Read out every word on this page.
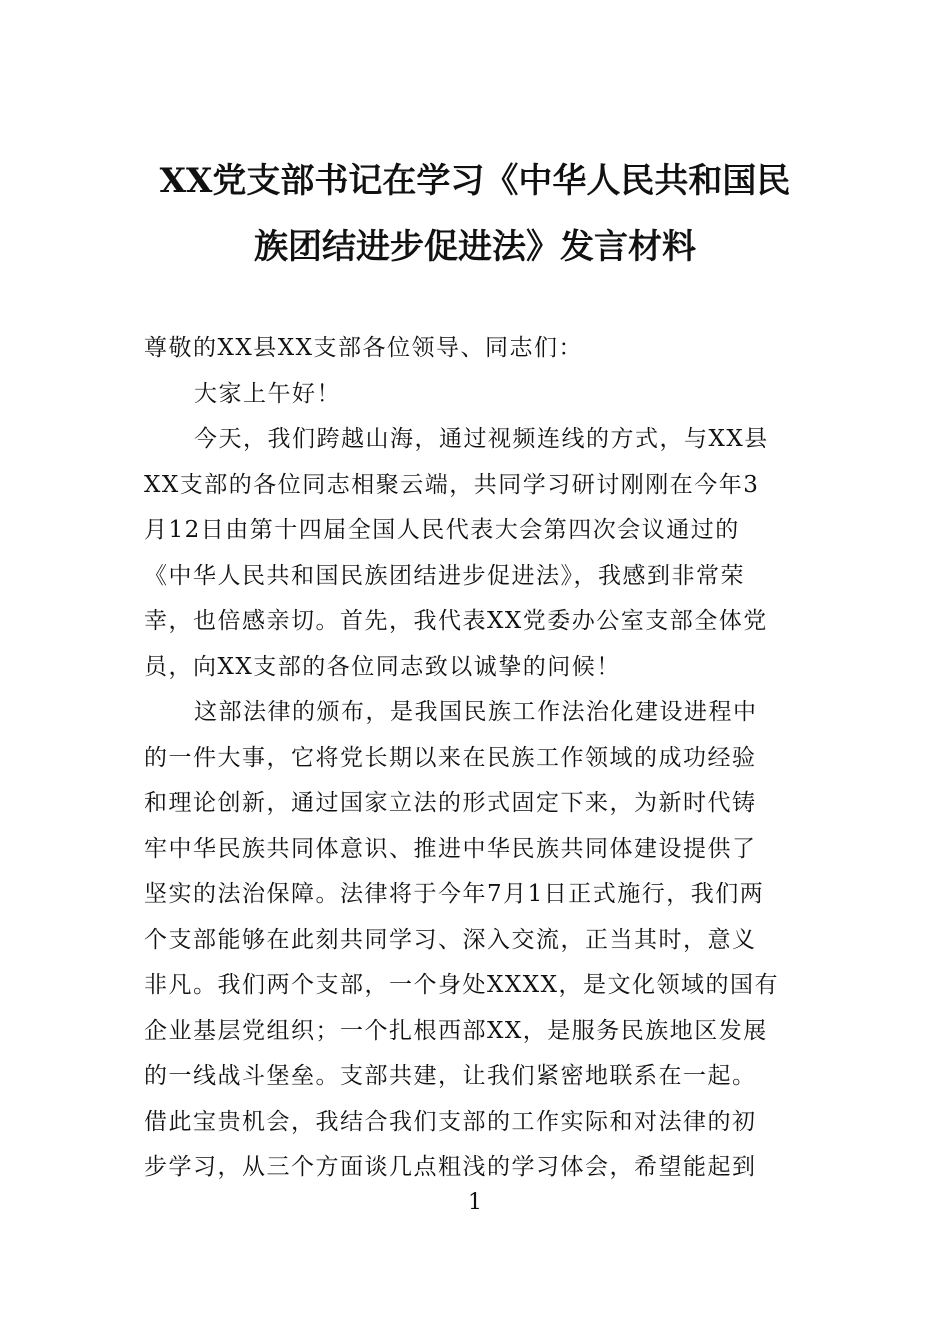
XX党支部书记在学习《中华人民共和国民
族团结进步促进法》发言材料
尊敬的XX县XX支部各位领导、同志们：
大家上午好！
今天，我们跨越山海，通过视频连线的方式，与XX县
XX支部的各位同志相聚云端，共同学习研讨刚刚在今年3
月12日由第十四届全国人民代表大会第四次会议通过的
《中华人民共和国民族团结进步促进法》，我感到非常荣
幸，也倍感亲切。首先，我代表XX党委办公室支部全体党
员，向XX支部的各位同志致以诚挚的问候！
这部法律的颁布，是我国民族工作法治化建设进程中
的一件大事，它将党长期以来在民族工作领域的成功经验
和理论创新，通过国家立法的形式固定下来，为新时代铸
牢中华民族共同体意识、推进中华民族共同体建设提供了
坚实的法治保障。法律将于今年7月1日正式施行，我们两
个支部能够在此刻共同学习、深入交流，正当其时，意义
非凡。我们两个支部，一个身处XXXX，是文化领域的国有
企业基层党组织；一个扎根西部XX，是服务民族地区发展
的一线战斗堡垒。支部共建，让我们紧密地联系在一起。
借此宝贵机会，我结合我们支部的工作实际和对法律的初
步学习，从三个方面谈几点粗浅的学习体会，希望能起到
1
